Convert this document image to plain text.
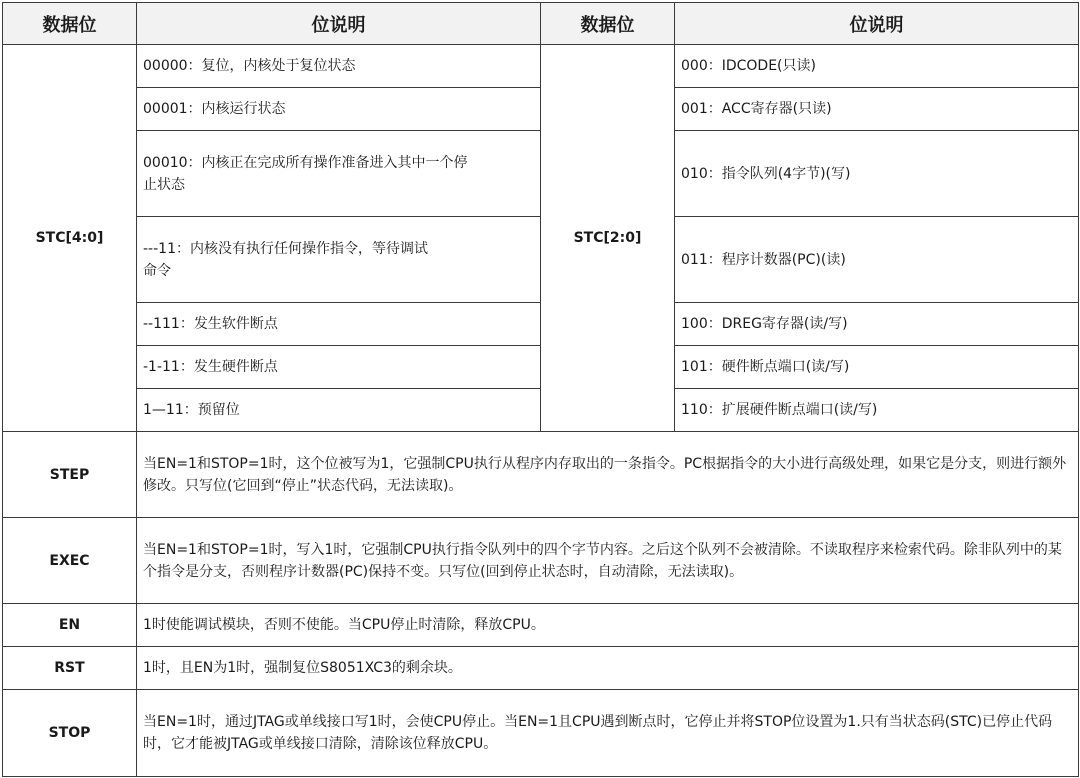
数据位	位说明	数据位	位说明
STC[4:0]	00000：复位，内核处于复位状态	STC[2:0]	000：IDCODE(只读)
	00001：内核运行状态		001：ACC寄存器(只读)
	00010：内核正在完成所有操作准备进入其中一个停止状态		010：指令队列(4字节)(写)
	---11：内核没有执行任何操作指令，等待调试命令		011：程序计数器(PC)(读)
	--111：发生软件断点		100：DREG寄存器(读/写)
	-1-11：发生硬件断点		101：硬件断点端口(读/写)
	1—11：预留位		110：扩展硬件断点端口(读/写)
STEP	当EN=1和STOP=1时，这个位被写为1，它强制CPU执行从程序内存取出的一条指令。PC根据指令的大小进行高级处理，如果它是分支，则进行额外修改。只写位(它回到“停止”状态代码，无法读取)。		
EXEC	当EN=1和STOP=1时，写入1时，它强制CPU执行指令队列中的四个字节内容。之后这个队列不会被清除。不读取程序来检索代码。除非队列中的某个指令是分支，否则程序计数器(PC)保持不变。只写位(回到停止状态时，自动清除，无法读取)。		
EN	1时使能调试模块，否则不使能。当CPU停止时清除，释放CPU。		
RST	1时，且EN为1时，强制复位S8051XC3的剩余块。		
STOP	当EN=1时，通过JTAG或单线接口写1时，会使CPU停止。当EN=1且CPU遇到断点时，它停止并将STOP位设置为1.只有当状态码(STC)已停止代码时，它才能被JTAG或单线接口清除，清除该位释放CPU。		
